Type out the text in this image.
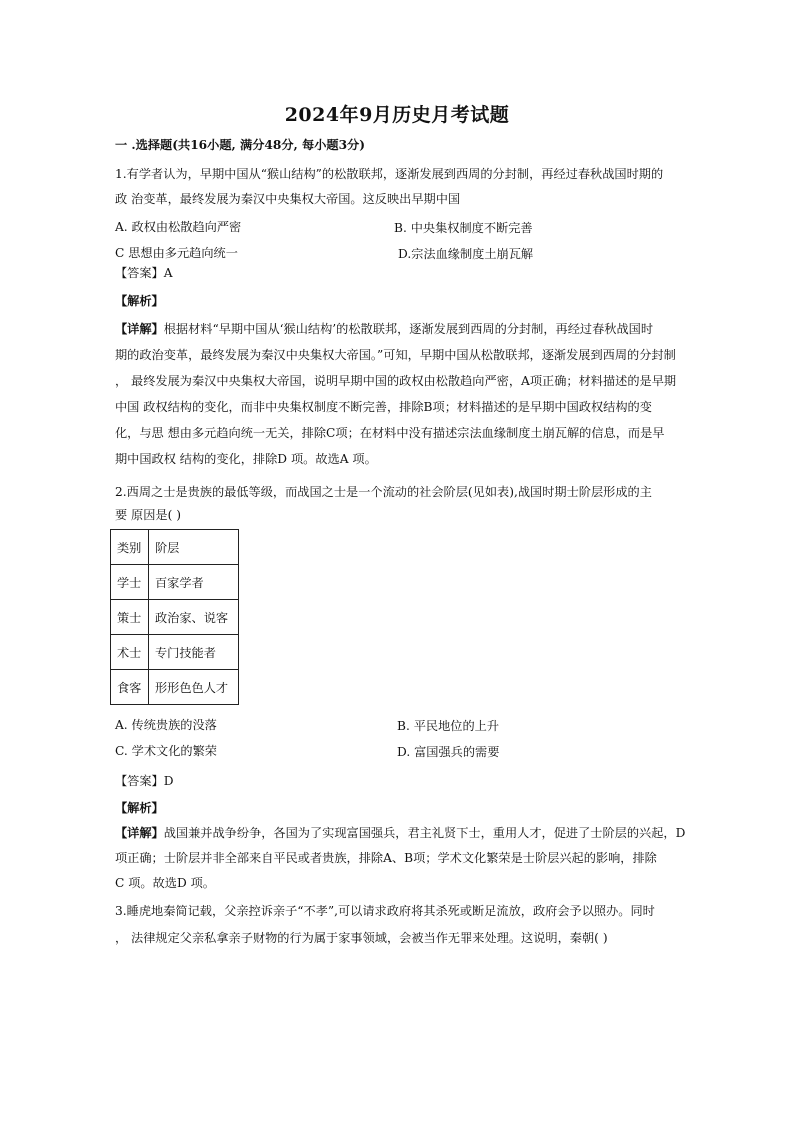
2024年9月历史月考试题
一 .选择题(共16小题, 满分48分, 每小题3分)
1.有学者认为，早期中国从“猴山结构”的松散联邦，逐渐发展到西周的分封制，再经过春秋战国时期的
政 治变革，最终发展为秦汉中央集权大帝国。这反映出早期中国
A. 政权由松散趋向严密	B. 中央集权制度不断完善
C 思想由多元趋向统一	D.宗法血缘制度土崩瓦解
【答案】A
【解析】
【详解】根据材料“早期中国从‘猴山结构’的松散联邦，逐渐发展到西周的分封制，再经过春秋战国时
期的政治变革，最终发展为秦汉中央集权大帝国。”可知，早期中国从松散联邦，逐渐发展到西周的分封制
， 最终发展为秦汉中央集权大帝国，说明早期中国的政权由松散趋向严密，A项正确；材料描述的是早期
中国 政权结构的变化，而非中央集权制度不断完善，排除B项；材料描述的是早期中国政权结构的变
化，与思 想由多元趋向统一无关，排除C项；在材料中没有描述宗法血缘制度土崩瓦解的信息，而是早
期中国政权 结构的变化，排除D 项。故选A 项。
2.西周之士是贵族的最低等级，而战国之士是一个流动的社会阶层(见如表),战国时期士阶层形成的主
要 原因是( )
类别	阶层
学士	百家学者
策士	政治家、说客
术士	专门技能者
食客	形形色色人才
A. 传统贵族的没落	B. 平民地位的上升
C. 学术文化的繁荣	D. 富国强兵的需要
【答案】D
【解析】
【详解】战国兼并战争纷争，各国为了实现富国强兵，君主礼贤下士，重用人才，促进了士阶层的兴起，D
项正确；士阶层并非全部来自平民或者贵族，排除A、B项；学术文化繁荣是士阶层兴起的影响，排除
C 项。故选D 项。
3.睡虎地秦简记载，父亲控诉亲子“不孝”,可以请求政府将其杀死或断足流放，政府会予以照办。同时
， 法律规定父亲私拿亲子财物的行为属于家事领域，会被当作无罪来处理。这说明，秦朝( )
